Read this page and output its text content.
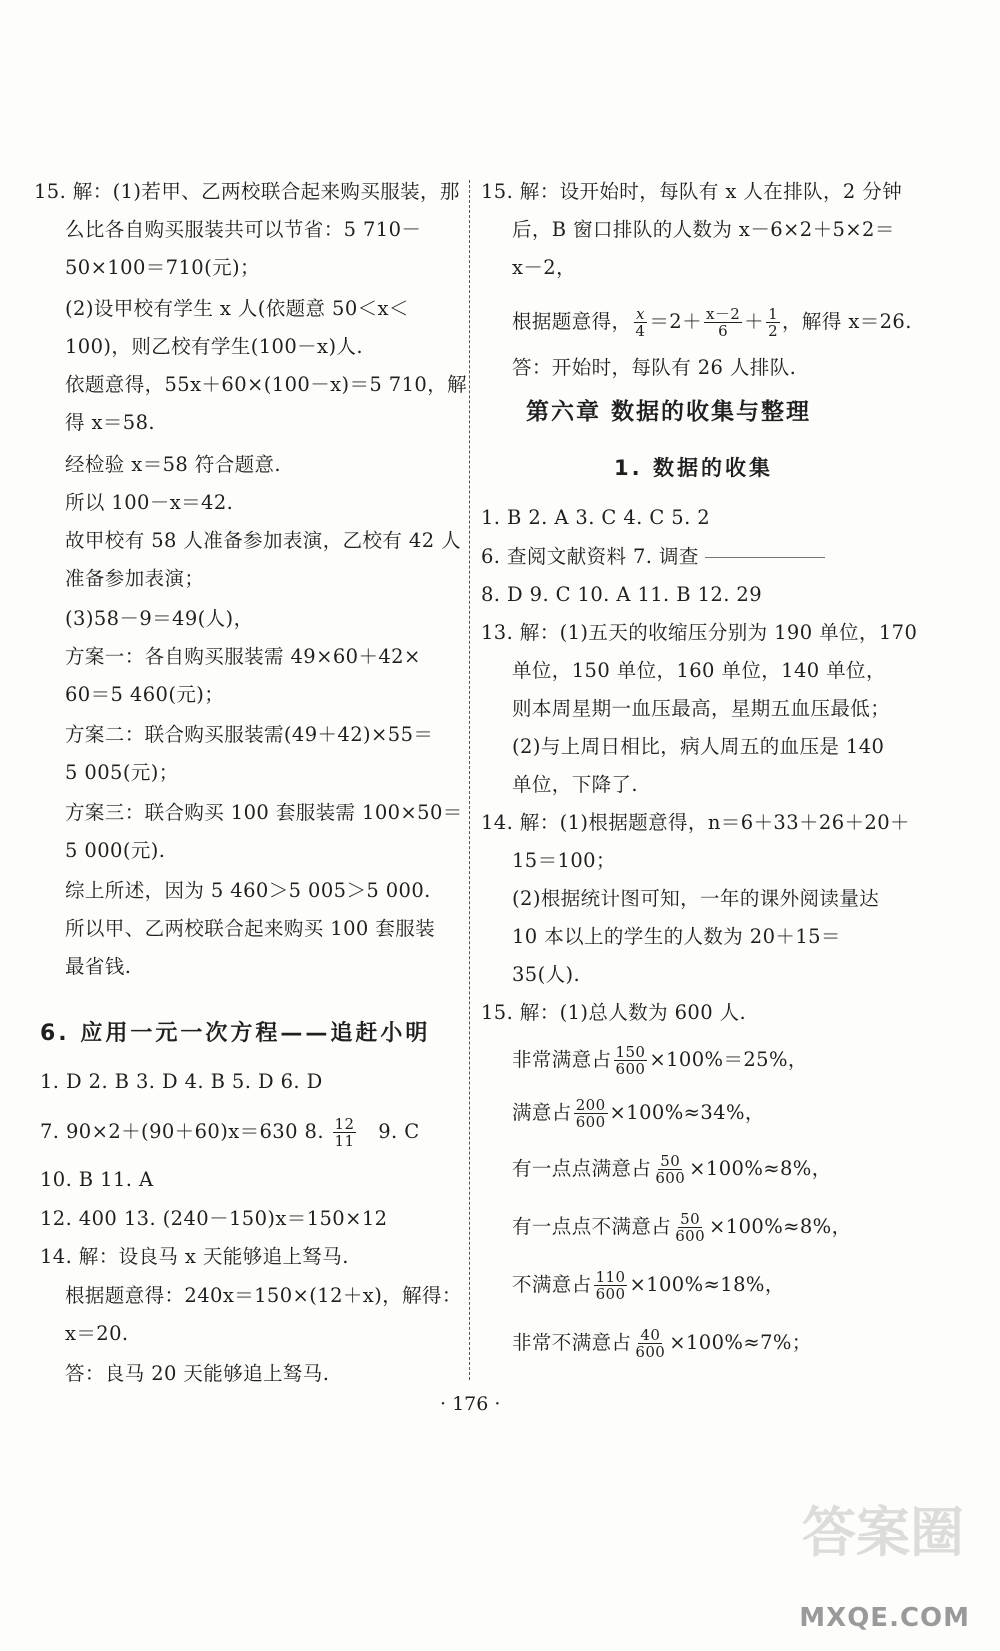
15. 解：(1)若甲、乙两校联合起来购买服装，那
么比各自购买服装共可以节省：5 710－
50×100＝710(元)；
(2)设甲校有学生 x 人(依题意 50＜x＜
100)，则乙校有学生(100－x)人.
依题意得，55x＋60×(100－x)＝5 710，解
得 x＝58.
经检验 x＝58 符合题意.
所以 100－x＝42.
故甲校有 58 人准备参加表演，乙校有 42 人
准备参加表演；
(3)58－9＝49(人)，
方案一：各自购买服装需 49×60＋42×
60＝5 460(元)；
方案二：联合购买服装需(49＋42)×55＝
5 005(元)；
方案三：联合购买 100 套服装需 100×50＝
5 000(元).
综上所述，因为 5 460＞5 005＞5 000.
所以甲、乙两校联合起来购买 100 套服装
最省钱.
6. 应用一元一次方程——追赶小明
1. D 2. B 3. D 4. B 5. D 6. D
7. 90×2＋(90＋60)x＝630 8. $\frac{12}{11} 9$. C
10. B 11. A
12. 400 13. (240－150)x＝150×12
14. 解：设良马 x 天能够追上驽马.
根据题意得：240x＝150×(12＋x)，解得：
x＝20.
答：良马 20 天能够追上驽马.
15. 解：设开始时，每队有 x 人在排队，2 分钟
后，B 窗口排队的人数为 x－6×2＋5×2＝
x－2，
根据题意得， $\frac{x}{4} =2+ \frac{x-2}{6} + \frac{1}{2}$ ，解得 x＝26.
答：开始时，每队有 26 人排队.
第六章 数据的收集与整理
1. 数据的收集
1. B 2. A 3. C 4. C 5. 2
6. 查阅文献资料 7. 调查
8. D 9. C 10. A 11. B 12. 29
13. 解：(1)五天的收缩压分别为 190 单位，170
单位，150 单位，160 单位，140 单位，
则本周星期一血压最高，星期五血压最低；
(2)与上周日相比，病人周五的血压是 140
单位，下降了.
14. 解：(1)根据题意得，n＝6＋33＋26＋20＋
15＝100；
(2)根据统计图可知，一年的课外阅读量达
10 本以上的学生的人数为 20＋15＝
35(人).
15. 解：(1)总人数为 600 人.
非常满意占 $\frac{150}{600} \times 100\%=25\%$，
满意占 $\frac{200}{600} \times 100\%\approx 34\%$，
有一点点满意占 $\frac{50}{600} \times 100\%\approx 8\%$，
有一点点不满意占 $\frac{50}{600} \times 100\%\approx 8\%$，
不满意占 $\frac{110}{600} \times 100\%\approx 18\%$，
非常不满意占 $\frac{40}{600} \times 100\%\approx 7\%$；
· 176 ·
答案圈
MXQE.COM
